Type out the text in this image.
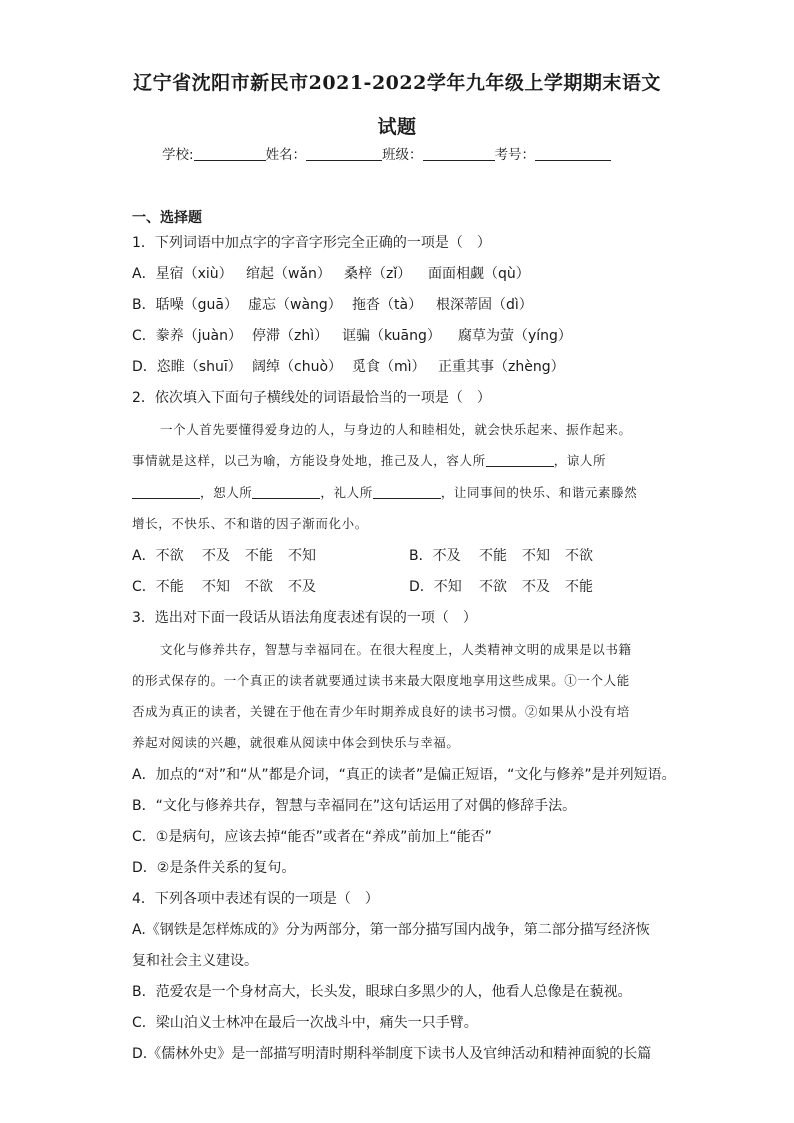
辽宁省沈阳市新民市2021-2022学年九年级上学期期末语文
试题
学校:	姓名：	班级：	考号：
一、选择题
1．下列词语中加点字的字音字形完全正确的一项是（　）
A．星宿（xiù） 绾起（wǎn） 桑梓（zǐ） 面面相觑（qù）
B．聒噪（guā） 虚忘（wàng） 拖沓（tà） 根深蒂固（dì）
C．豢养（juàn） 停滞（zhì） 诓骗（kuāng） 腐草为萤（yíng）
D．恣睢（shuī） 阔绰（chuò） 觅食（mì） 正重其事（zhèng）
2．依次填入下面句子横线处的词语最恰当的一项是（　）
一个人首先要懂得爱身边的人，与身边的人和睦相处，就会快乐起来、振作起来。
事情就是这样，以己为喻，方能设身处地，推己及人，容人所	，谅人所
，恕人所	，礼人所	，让同事间的快乐、和谐元素滕然
增长，不快乐、不和谐的因子渐而化小。
A．不欲 不及 不能 不知	B．不及 不能 不知 不欲
C．不能 不知 不欲 不及	D．不知 不欲 不及 不能
3．选出对下面一段话从语法角度表述有误的一项（　）
文化与修养共存，智慧与幸福同在。在很大程度上，人类精神文明的成果是以书籍
的形式保存的。一个真正的读者就要通过读书来最大限度地享用这些成果。①一个人能
否成为真正的读者，关键在于他在青少年时期养成良好的读书习惯。②如果从小没有培
养起对阅读的兴趣，就很难从阅读中体会到快乐与幸福。
A．加点的“对”和“从”都是介词，“真正的读者”是偏正短语，“文化与修养”是并列短语。
B．“文化与修养共存，智慧与幸福同在”这句话运用了对偶的修辞手法。
C．①是病句，应该去掉“能否”或者在“养成”前加上“能否”
D．②是条件关系的复句。
4．下列各项中表述有误的一项是（　）
A.《钢铁是怎样炼成的》分为两部分，第一部分描写国内战争，第二部分描写经济恢
复和社会主义建设。
B．范爱农是一个身材高大，长头发，眼球白多黑少的人，他看人总像是在藐视。
C．梁山泊义士林冲在最后一次战斗中，痛失一只手臂。
D.《儒林外史》是一部描写明清时期科举制度下读书人及官绅活动和精神面貌的长篇
